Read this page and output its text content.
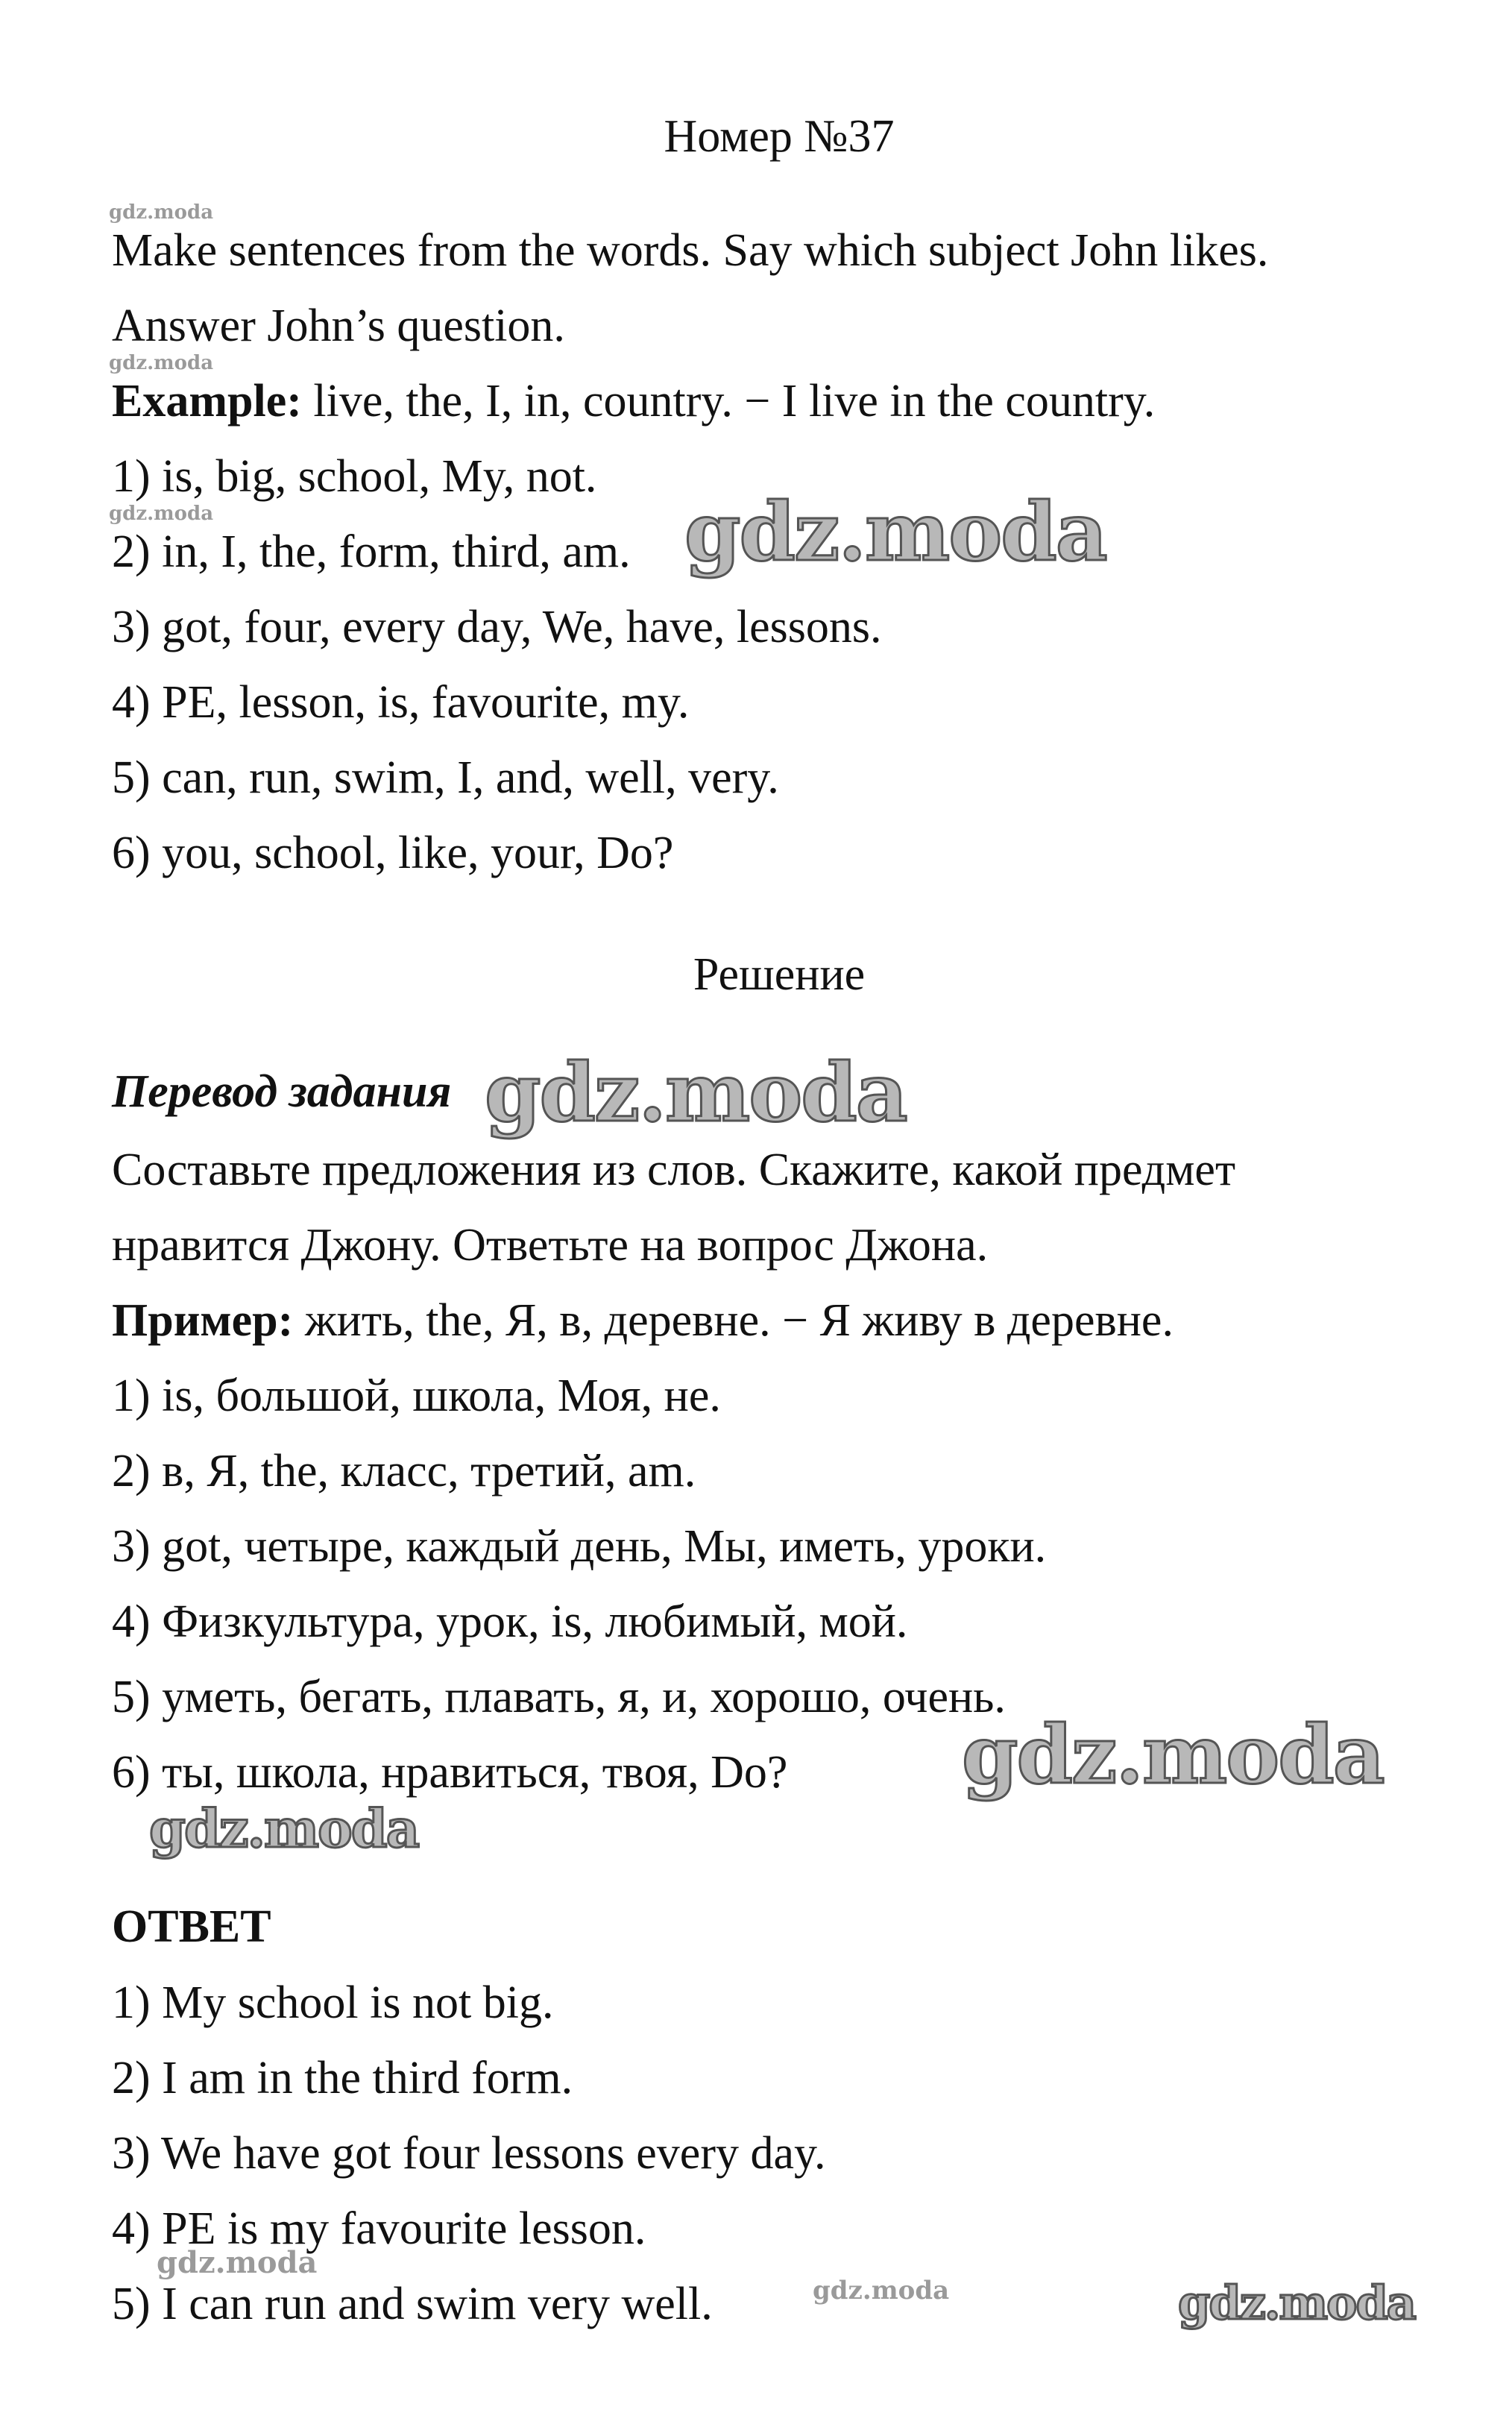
Номер №37
Make sentences from the words. Say which subject John likes.
Answer John’s question.
Example: live, the, I, in, country. − I live in the country.
1) is, big, school, My, not.
2) in, I, the, form, third, am.
3) got, four, every day, We, have, lessons.
4) PE, lesson, is, favourite, my.
5) can, run, swim, I, and, well, very.
6) you, school, like, your, Do?
Решение
Перевод задания
Составьте предложения из слов. Скажите, какой предмет
нравится Джону. Ответьте на вопрос Джона.
Пример: жить, the, Я, в, деревне. − Я живу в деревне.
1) is, большой, школа, Моя, не.
2) в, Я, the, класс, третий, am.
3) got, четыре, каждый день, Мы, иметь, уроки.
4) Физкультура, урок, is, любимый, мой.
5) уметь, бегать, плавать, я, и, хорошо, очень.
6) ты, школа, нравиться, твоя, Do?
ОТВЕТ
1) My school is not big.
2) I am in the third form.
3) We have got four lessons every day.
4) PE is my favourite lesson.
5) I can run and swim very well.
gdz.moda
gdz.moda
gdz.moda	gdz.moda
gdz.moda
gdz.moda
gdz.moda
gdz.moda
gdz.moda	gdz.moda
